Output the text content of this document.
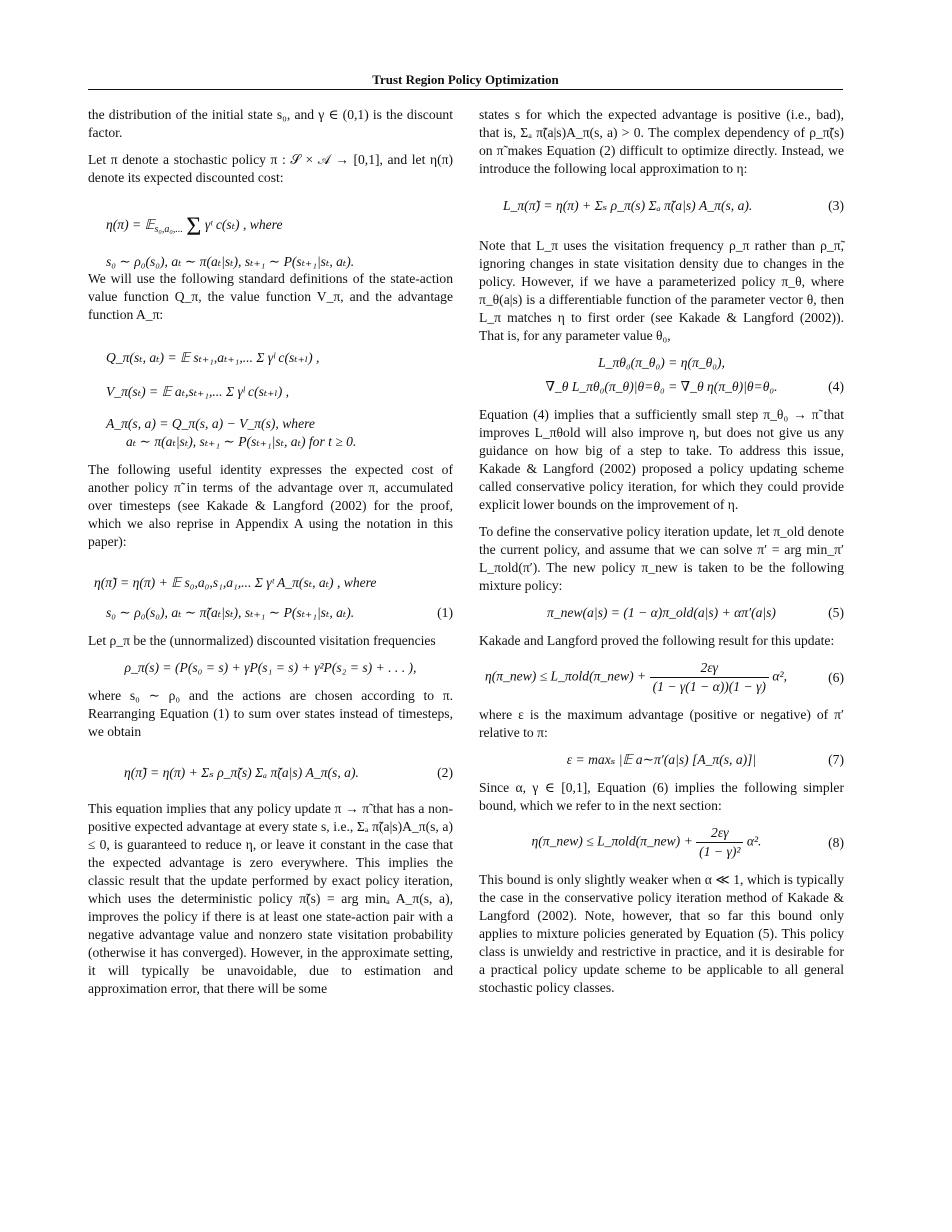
Trust Region Policy Optimization

the distribution of the initial state s₀, and γ ∈ (0,1) is the discount factor.

Let π denote a stochastic policy π : 𝒮 × 𝒜 → [0,1], and let η(π) denote its expected discounted cost:

η(π) = 𝔼$_{s_0,a_0,...}$ Σ γᵗ c(sₜ) , where
s₀ ∼ ρ₀(s₀), aₜ ∼ π(aₜ|sₜ), sₜ₊₁ ∼ P(sₜ₊₁|sₜ, aₜ).

We will use the following standard definitions of the state-action value function Q_π, the value function V_π, and the advantage function A_π:

Q_π(sₜ, aₜ) = 𝔼 sₜ₊₁,aₜ₊₁,... Σ γˡ c(sₜ₊ₗ) ,
V_π(sₜ) = 𝔼 aₜ,sₜ₊₁,... Σ γˡ c(sₜ₊ₗ) ,
A_π(s, a) = Q_π(s, a) − V_π(s), where
aₜ ∼ π(aₜ|sₜ), sₜ₊₁ ∼ P(sₜ₊₁|sₜ, aₜ) for t ≥ 0.

The following useful identity expresses the expected cost of another policy π̃ in terms of the advantage over π, accumulated over timesteps (see Kakade & Langford (2002) for the proof, which we also reprise in Appendix A using the notation in this paper):

η(π̃) = η(π) + 𝔼 s₀,a₀,s₁,a₁,... Σ γᵗ A_π(sₜ, aₜ) , where
s₀ ∼ ρ₀(s₀), aₜ ∼ π̃(aₜ|sₜ), sₜ₊₁ ∼ P(sₜ₊₁|sₜ, aₜ).	(1)

Let ρ_π be the (unnormalized) discounted visitation frequencies

ρ_π(s) = (P(s₀ = s) + γP(s₁ = s) + γ²P(s₂ = s) + . . . ),

where s₀ ∼ ρ₀ and the actions are chosen according to π. Rearranging Equation (1) to sum over states instead of timesteps, we obtain

η(π̃) = η(π) + Σₛ ρ_π̃(s) Σₐ π̃(a|s) A_π(s, a).	(2)

This equation implies that any policy update π → π̃ that has a non-positive expected advantage at every state s, i.e., Σₐ π̃(a|s)A_π(s, a) ≤ 0, is guaranteed to reduce η, or leave it constant in the case that the expected advantage is zero everywhere. This implies the classic result that the update performed by exact policy iteration, which uses the deterministic policy π̃(s) = arg minₐ A_π(s, a), improves the policy if there is at least one state-action pair with a negative advantage value and nonzero state visitation probability (otherwise it has converged). However, in the approximate setting, it will typically be unavoidable, due to estimation and approximation error, that there will be some

states s for which the expected advantage is positive (i.e., bad), that is, Σₐ π̃(a|s)A_π(s, a) > 0. The complex dependency of ρ_π̃(s) on π̃ makes Equation (2) difficult to optimize directly. Instead, we introduce the following local approximation to η:

L_π(π̃) = η(π) + Σₛ ρ_π(s) Σₐ π̃(a|s) A_π(s, a).	(3)

Note that L_π uses the visitation frequency ρ_π rather than ρ_π̃, ignoring changes in state visitation density due to changes in the policy. However, if we have a parameterized policy π_θ, where π_θ(a|s) is a differentiable function of the parameter vector θ, then L_π matches η to first order (see Kakade & Langford (2002)). That is, for any parameter value θ₀,

L_πθ₀(π_θ₀) = η(π_θ₀),
∇_θ L_πθ₀(π_θ)|θ=θ₀ = ∇_θ η(π_θ)|θ=θ₀.	(4)

Equation (4) implies that a sufficiently small step π_θ₀ → π̃ that improves L_πθold will also improve η, but does not give us any guidance on how big of a step to take. To address this issue, Kakade & Langford (2002) proposed a policy updating scheme called conservative policy iteration, for which they could provide explicit lower bounds on the improvement of η.

To define the conservative policy iteration update, let π_old denote the current policy, and assume that we can solve π′ = arg min_π′ L_πold(π′). The new policy π_new is taken to be the following mixture policy:

π_new(a|s) = (1 − α)π_old(a|s) + απ′(a|s)	(5)

Kakade and Langford proved the following result for this update:

η(π_new) ≤ L_πold(π_new) + $\frac{2\varepsilon\gamma}{(1 - \gamma(1 - \alpha))(1 - \gamma)} \alpha^2$,	(6)

where ε is the maximum advantage (positive or negative) of π′ relative to π:

ε = maxₛ |𝔼 a∼π′(a|s) [A_π(s, a)]|	(7)

Since α, γ ∈ [0,1], Equation (6) implies the following simpler bound, which we refer to in the next section:

η(π_new) ≤ L_πold(π_new) + $\frac{2\varepsilon\gamma}{\text{(1 − γ)²}} \alpha^2$.	(8)

This bound is only slightly weaker when α ≪ 1, which is typically the case in the conservative policy iteration method of Kakade & Langford (2002). Note, however, that so far this bound only applies to mixture policies generated by Equation (5). This policy class is unwieldy and restrictive in practice, and it is desirable for a practical policy update scheme to be applicable to all general stochastic policy classes.
